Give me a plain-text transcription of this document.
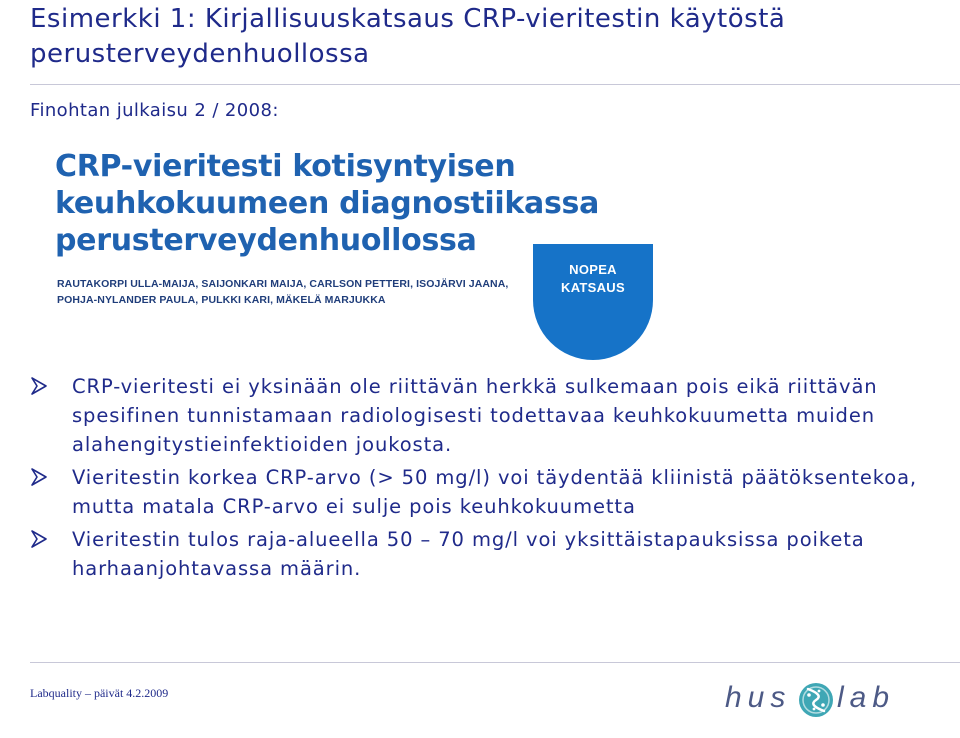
Esimerkki 1: Kirjallisuuskatsaus CRP-vieritestin käytöstä perusterveydenhuollossa
Finohtan julkaisu 2 / 2008:
CRP-vieritesti kotisyntyisen
keuhkokuumeen diagnostiikassa
perusterveydenhuollossa
RAUTAKORPI ULLA-MAIJA, SAIJONKARI MAIJA, CARLSON PETTERI, ISOJÄRVI JAANA,
POHJA-NYLANDER PAULA, PULKKI KARI, MÄKELÄ MARJUKKA
NOPEA
KATSAUS
CRP-vieritesti ei yksinään ole riittävän herkkä sulkemaan pois eikä riittävän spesifinen tunnistamaan radiologisesti todettavaa keuhkokuumetta muiden alahengitystieinfektioiden joukosta.
Vieritestin korkea CRP-arvo (> 50 mg/l) voi täydentää kliinistä päätöksentekoa, mutta matala CRP-arvo ei sulje pois keuhkokuumetta
Vieritestin tulos raja-alueella 50 – 70 mg/l voi yksittäistapauksissa poiketa harhaanjohtavassa määrin.
Labquality – päivät 4.2.2009	hus lab
